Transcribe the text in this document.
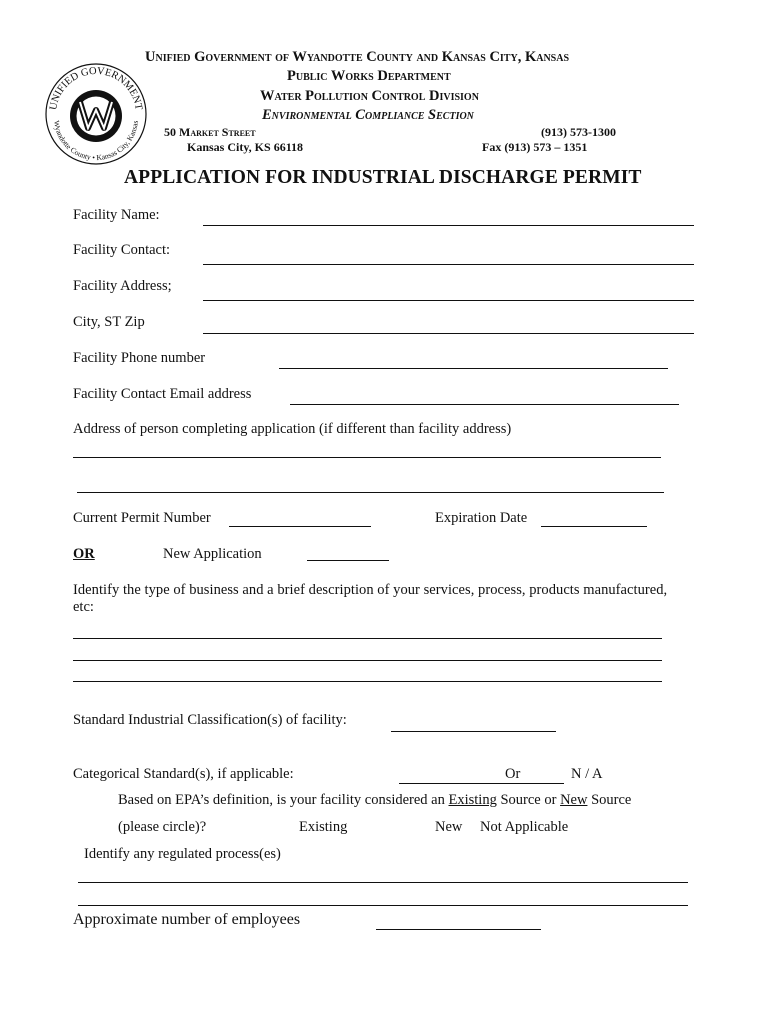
UNIFIED GOVERNMENT
Wyandotte County • Kansas City, Kansas
Unified Government of Wyandotte County and Kansas City, Kansas
Public Works Department
Water Pollution Control Division
Environmental Compliance Section
50 Market Street
Kansas City, KS 66118
(913) 573-1300
Fax (913) 573 – 1351
APPLICATION FOR INDUSTRIAL DISCHARGE PERMIT
Facility Name:
Facility Contact:
Facility Address;
City, ST Zip
Facility Phone number
Facility Contact Email address
Address of person completing application (if different than facility address)
Current Permit Number	Expiration Date
OR	New Application
Identify the type of business and a brief description of your services, process, products manufactured,
etc:
Standard Industrial Classification(s) of facility:
Categorical Standard(s), if applicable:	Or	N / A
Based on EPA’s definition, is your facility considered an Existing Source or New Source
(please circle)?	Existing	New Not Applicable
Identify any regulated process(es)
Approximate number of employees
